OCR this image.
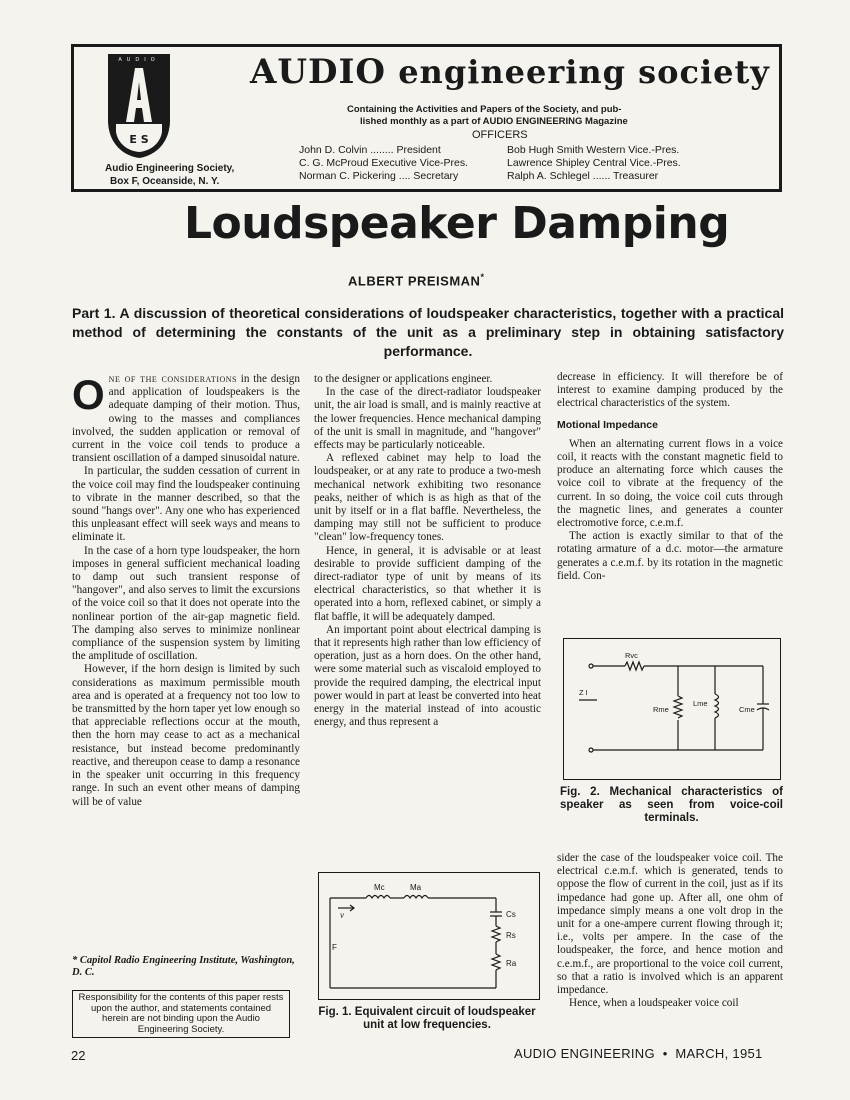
E S
AUDIO	AUDIO engineering society
Containing the Activities and Papers of the Society, and pub-
lished monthly as a part of AUDIO ENGINEERING Magazine
OFFICERS
John D. Colvin ........ President
C. G. McProud Executive Vice-Pres.
Norman C. Pickering .... Secretary
Bob Hugh Smith Western Vice.-Pres.
Lawrence Shipley Central Vice.-Pres.
Ralph A. Schlegel ...... Treasurer
Audio Engineering Society,
Box F, Oceanside, N. Y.
Loudspeaker Damping
ALBERT PREISMAN*
Part 1. A discussion of theoretical considerations of loudspeaker characteristics, together with a practical method of determining the constants of the unit as a preliminary step in obtaining satisfactory performance.

One of the considerations in the design and application of loudspeakers is the adequate damping of their motion. Thus, owing to the masses and compliances involved, the sudden application or removal of current in the voice coil tends to produce a transient oscillation of a damped sinusoidal nature.

In particular, the sudden cessation of current in the voice coil may find the loudspeaker continuing to vibrate in the manner described, so that the sound "hangs over". Any one who has experienced this unpleasant effect will seek ways and means to eliminate it.

In the case of a horn type loudspeaker, the horn imposes in general sufficient mechanical loading to damp out such transient response of "hangover", and also serves to limit the excursions of the voice coil so that it does not operate into the nonlinear portion of the air-gap magnetic field. The damping also serves to minimize nonlinear compliance of the suspension system by limiting the amplitude of oscillation.

However, if the horn design is limited by such considerations as maximum permissible mouth area and is operated at a frequency not too low to be transmitted by the horn taper yet low enough so that appreciable reflections occur at the mouth, then the horn may cease to act as a mechanical resistance, but instead become predominantly reactive, and thereupon cease to damp a resonance in the speaker unit occurring in this frequency range. In such an event other means of damping will be of value

* Capitol Radio Engineering Institute, Washington, D. C.
Responsibility for the contents of this paper rests upon the author, and statements contained herein are not binding upon the Audio Engineering Society.

to the designer or applications engineer.

In the case of the direct-radiator loudspeaker unit, the air load is small, and is mainly reactive at the lower frequencies. Hence mechanical damping of the unit is small in magnitude, and "hangover" effects may be particularly noticeable.

A reflexed cabinet may help to load the loudspeaker, or at any rate to produce a two-mesh mechanical network exhibiting two resonance peaks, neither of which is as high as that of the unit by itself or in a flat baffle. Nevertheless, the damping may still not be sufficient to produce "clean" low-frequency tones.

Hence, in general, it is advisable or at least desirable to provide sufficient damping of the direct-radiator type of unit by means of its electrical characteristics, so that whether it is operated into a horn, reflexed cabinet, or simply a flat baffle, it will be adequately damped.

An important point about electrical damping is that it represents high rather than low efficiency of operation, just as a horn does. On the other hand, were some material such as viscaloid employed to provide the required damping, the electrical input power would in part at least be converted into heat energy in the material instead of into acoustic energy, and thus represent a

Mc	Ma
Cs
Rs
Ra
F
v
Fig. 1. Equivalent circuit of loudspeaker unit at low frequencies.

decrease in efficiency. It will therefore be of interest to examine damping produced by the electrical characteristics of the system.

Motional Impedance

When an alternating current flows in a voice coil, it reacts with the constant magnetic field to produce an alternating force which causes the voice coil to vibrate at the frequency of the current. In so doing, the voice coil cuts through the magnetic lines, and generates a counter electromotive force, c.e.m.f.

The action is exactly similar to that of the rotating armature of a d.c. motor—the armature generates a c.e.m.f. by its rotation in the magnetic field. Con-

Rvc
Z I
Rme
Lme
Cme
Fig. 2. Mechanical characteristics of speaker as seen from voice-coil terminals.

sider the case of the loudspeaker voice coil. The electrical c.e.m.f. which is generated, tends to oppose the flow of current in the coil, just as if its impedance had gone up. After all, one ohm of impedance simply means a one volt drop in the unit for a one-ampere current flowing through it; i.e., volts per ampere. In the case of the loudspeaker, the force, and hence motion and c.e.m.f., are proportional to the voice coil current, so that a ratio is involved which is an apparent impedance.

Hence, when a loudspeaker voice coil

22	AUDIO ENGINEERING • MARCH, 1951
